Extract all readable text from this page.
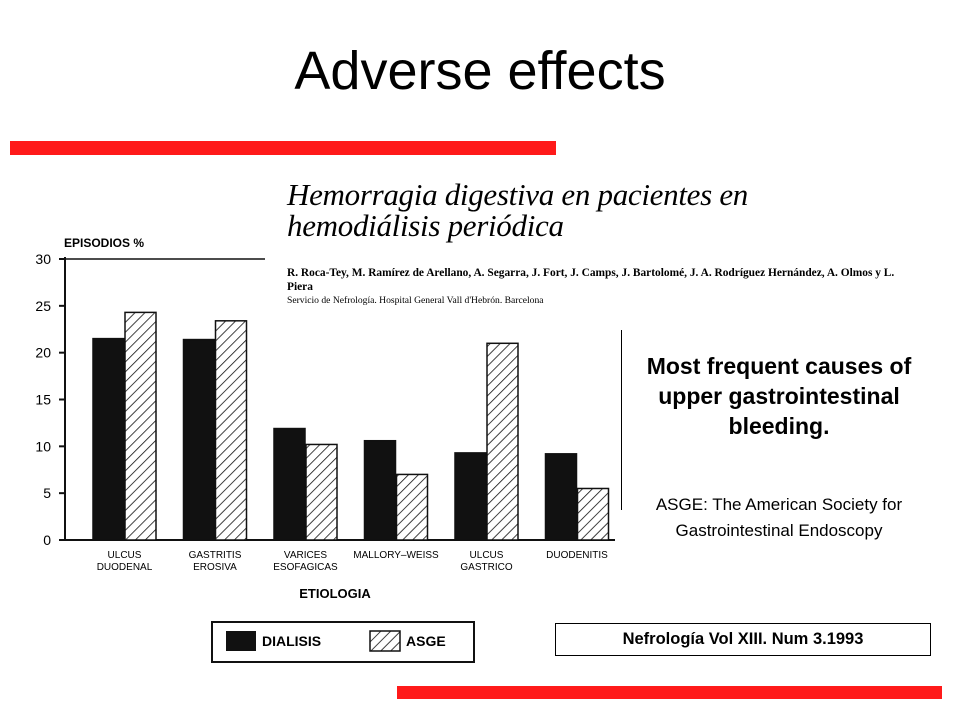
Adverse effects
EPISODIOS %
0
5
10
15
20
25
30
ULCUS DUODENAL
GASTRITIS EROSIVA
VARICES ESOFAGICAS
MALLORY–WEISS	ULCUS GASTRICO
DUODENITIS
ETIOLOGIA
DIALISIS	ASGE
Hemorragia digestiva en pacientes en
hemodiálisis periódica
R. Roca-Tey, M. Ramírez de Arellano, A. Segarra, J. Fort, J. Camps, J. Bartolomé, J. A. Rodríguez Hernández, A. Olmos y L. Piera
Servicio de Nefrología. Hospital General Vall d'Hebrón. Barcelona
Most frequent causes of upper gastrointestinal bleeding.
ASGE: The American Society for Gastrointestinal Endoscopy
Nefrología Vol XIII. Num 3.1993
